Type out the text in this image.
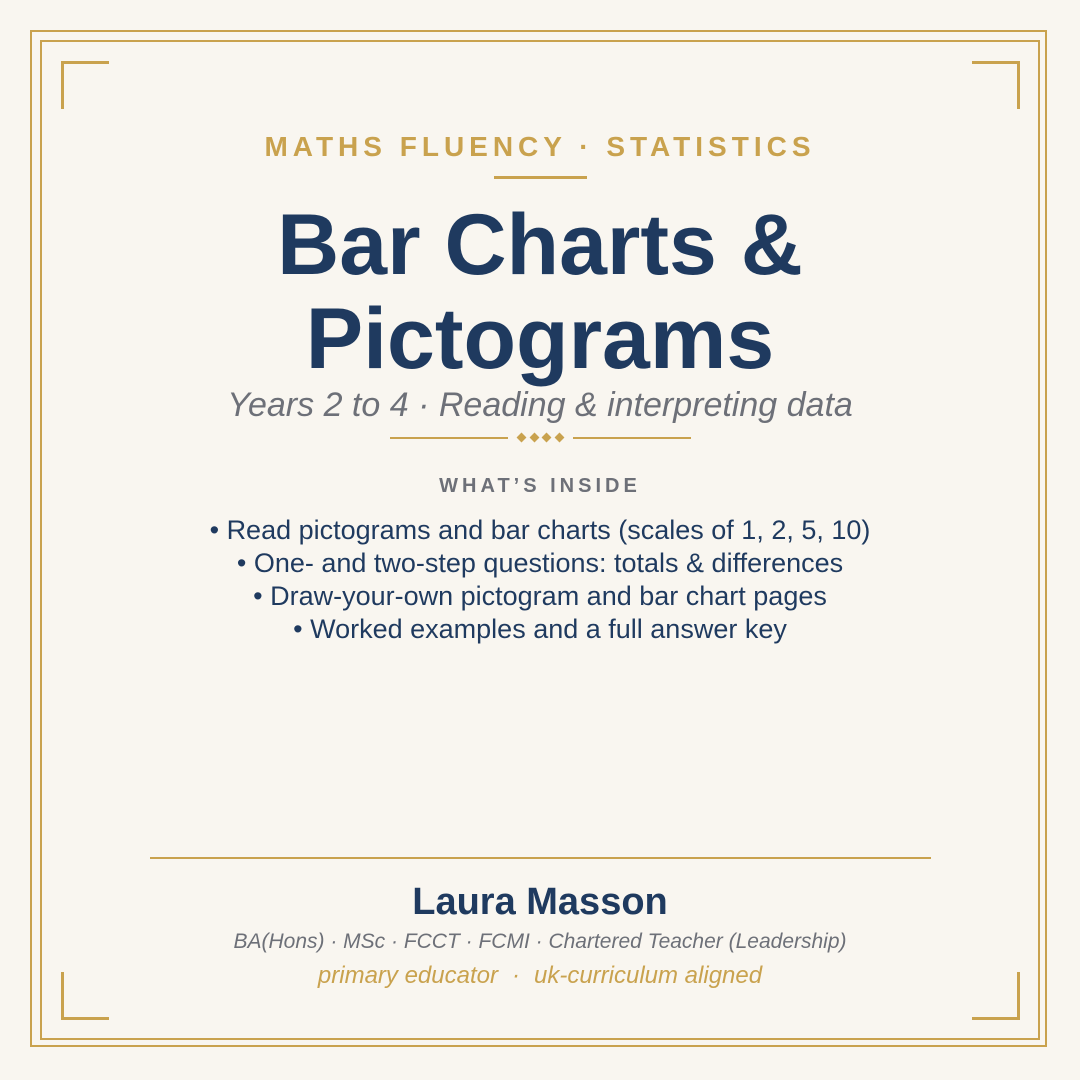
MATHS FLUENCY · STATISTICS
Bar Charts &
Pictograms
Years 2 to 4 · Reading & interpreting data
WHAT’S INSIDE
• Read pictograms and bar charts (scales of 1, 2, 5, 10)
• One- and two-step questions: totals & differences
• Draw-your-own pictogram and bar chart pages
• Worked examples and a full answer key
Laura Masson
BA(Hons) · MSc · FCCT · FCMI · Chartered Teacher (Leadership)
primary educator · uk-curriculum aligned
